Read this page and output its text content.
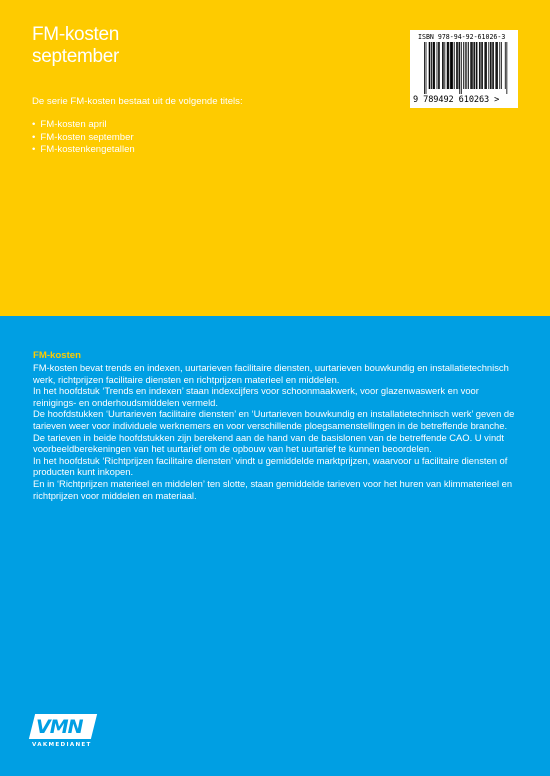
FM-kosten
september
De serie FM-kosten bestaat uit de volgende titels:
• FM-kosten april
• FM-kosten september
• FM-kostenkengetallen
ISBN 978-94-92-61026-3
9 789492 610263 >
FM-kosten

FM-kosten bevat trends en indexen, uurtarieven facilitaire diensten, uurtarieven bouwkundig en installatietechnisch werk, richtprijzen facilitaire diensten en richtprijzen materieel en middelen.

In het hoofdstuk ‘Trends en indexen’ staan indexcijfers voor schoonmaakwerk, voor glazenwaswerk en voor reinigings- en onderhoudsmiddelen vermeld.

De hoofdstukken ‘Uurtarieven facilitaire diensten’ en ‘Uurtarieven bouwkundig en installatietechnisch werk’ geven de tarieven weer voor individuele werknemers en voor verschillende ploegsamenstellingen in de betreffende branche. De tarieven in beide hoofdstukken zijn berekend aan de hand van de basislonen van de betreffende CAO. U vindt voorbeeldberekeningen van het uurtarief om de opbouw van het uurtarief te kunnen beoordelen.

In het hoofdstuk ‘Richtprijzen facilitaire diensten’ vindt u gemiddelde marktprijzen, waarvoor u facilitaire diensten of producten kunt inkopen.

En in ‘Richtprijzen materieel en middelen’ ten slotte, staan gemiddelde tarieven voor het huren van klimmaterieel en richtprijzen voor middelen en materiaal.

VMN
VAKMEDIANET
